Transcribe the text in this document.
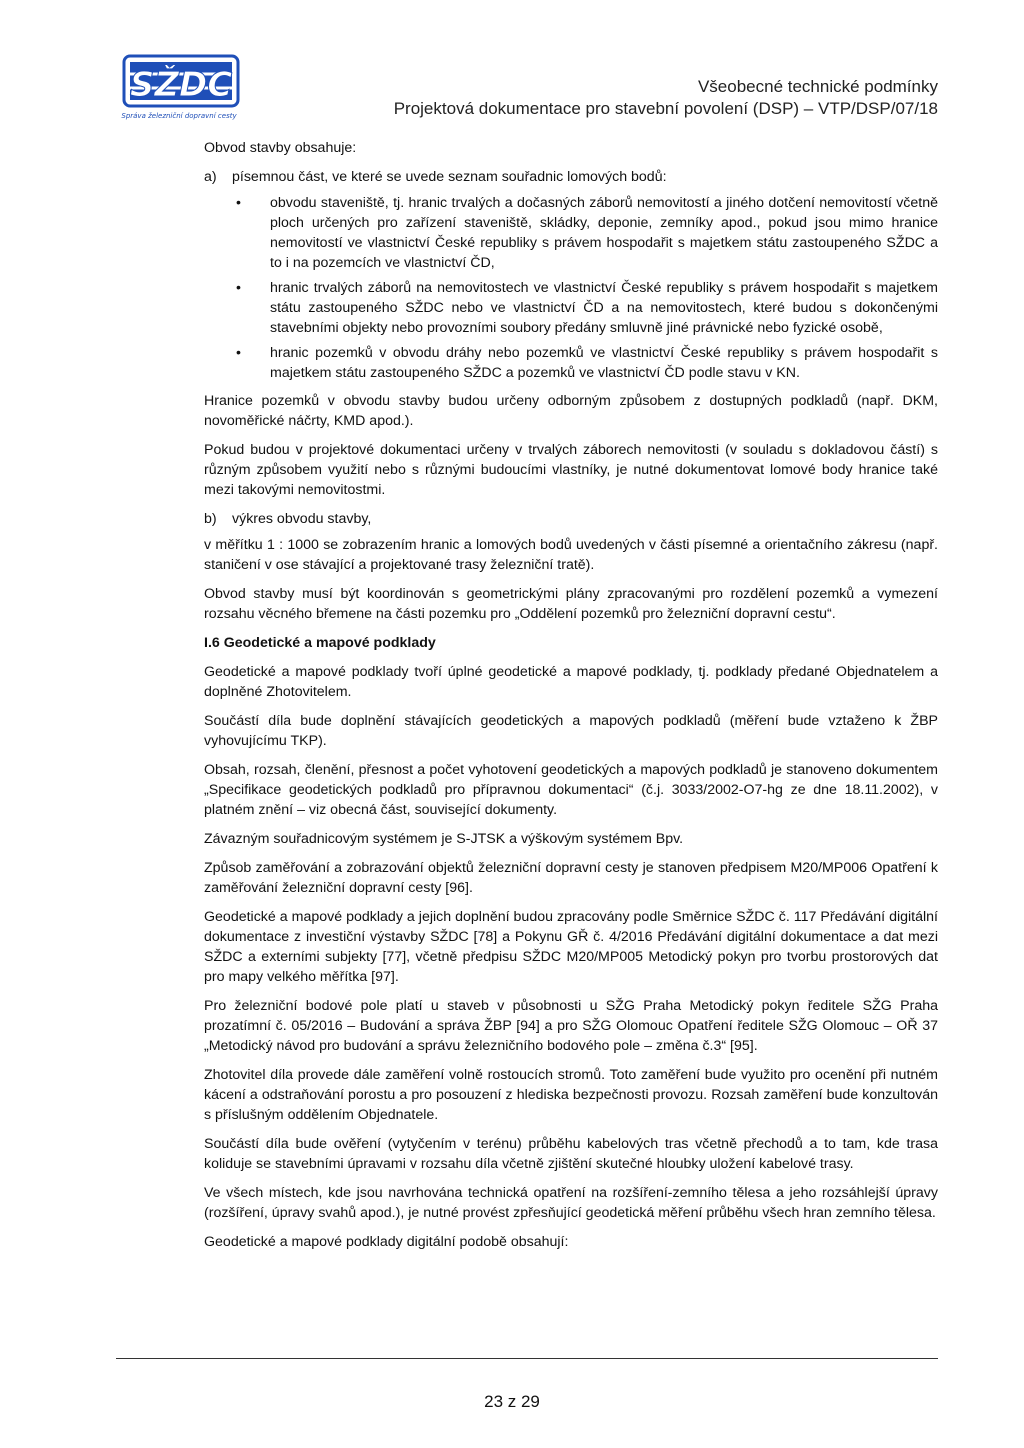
SŽDC
Správa železniční dopravní cesty
Všeobecné technické podmínky
Projektová dokumentace pro stavební povolení (DSP) – VTP/DSP/07/18

Obvod stavby obsahuje:

a)	písemnou část, ve které se uvede seznam souřadnic lomových bodů:
•	obvodu staveniště, tj. hranic trvalých a dočasných záborů nemovitostí a jiného dotčení nemovitostí včetně ploch určených pro zařízení staveniště, skládky, deponie, zemníky apod., pokud jsou mimo hranice nemovitostí ve vlastnictví České republiky s právem hospodařit s majetkem státu zastoupeného SŽDC a to i na pozemcích ve vlastnictví ČD,
•	hranic trvalých záborů na nemovitostech ve vlastnictví České republiky s právem hospodařit s majetkem státu zastoupeného SŽDC nebo ve vlastnictví ČD a na nemovitostech, které budou s dokončenými stavebními objekty nebo provozními soubory předány smluvně jiné právnické nebo fyzické osobě,
•	hranic pozemků v obvodu dráhy nebo pozemků ve vlastnictví České republiky s právem hospodařit s majetkem státu zastoupeného SŽDC a pozemků ve vlastnictví ČD podle stavu v KN.

Hranice pozemků v obvodu stavby budou určeny odborným způsobem z dostupných podkladů (např. DKM, novoměřické náčrty, KMD apod.).

Pokud budou v projektové dokumentaci určeny v trvalých záborech nemovitosti (v souladu s dokladovou částí) s různým způsobem využití nebo s různými budoucími vlastníky, je nutné dokumentovat lomové body hranice také mezi takovými nemovitostmi.

b)	výkres obvodu stavby,

v měřítku 1 : 1000 se zobrazením hranic a lomových bodů uvedených v části písemné a orientačního zákresu (např. staničení v ose stávající a projektované trasy železniční tratě).

Obvod stavby musí být koordinován s geometrickými plány zpracovanými pro rozdělení pozemků a vymezení rozsahu věcného břemene na části pozemku pro „Oddělení pozemků pro železniční dopravní cestu“.

I.6 Geodetické a mapové podklady

Geodetické a mapové podklady tvoří úplné geodetické a mapové podklady, tj. podklady předané Objednatelem a doplněné Zhotovitelem.

Součástí díla bude doplnění stávajících geodetických a mapových podkladů (měření bude vztaženo k ŽBP vyhovujícímu TKP).

Obsah, rozsah, členění, přesnost a počet vyhotovení geodetických a mapových podkladů je stanoveno dokumentem „Specifikace geodetických podkladů pro přípravnou dokumentaci“ (č.j. 3033/2002-O7-hg ze dne 18.11.2002), v platném znění – viz obecná část, související dokumenty.

Závazným souřadnicovým systémem je S-JTSK a výškovým systémem Bpv.

Způsob zaměřování a zobrazování objektů železniční dopravní cesty je stanoven předpisem M20/MP006 Opatření k zaměřování železniční dopravní cesty [96].

Geodetické a mapové podklady a jejich doplnění budou zpracovány podle Směrnice SŽDC č. 117 Předávání digitální dokumentace z investiční výstavby SŽDC [78] a Pokynu GŘ č. 4/2016 Předávání digitální dokumentace a dat mezi SŽDC a externími subjekty [77], včetně předpisu SŽDC M20/MP005 Metodický pokyn pro tvorbu prostorových dat pro mapy velkého měřítka [97].

Pro železniční bodové pole platí u staveb v působnosti u SŽG Praha Metodický pokyn ředitele SŽG Praha prozatímní č. 05/2016 – Budování a správa ŽBP [94] a pro SŽG Olomouc Opatření ředitele SŽG Olomouc – OŘ 37 „Metodický návod pro budování a správu železničního bodového pole – změna č.3“ [95].

Zhotovitel díla provede dále zaměření volně rostoucích stromů. Toto zaměření bude využito pro ocenění při nutném kácení a odstraňování porostu a pro posouzení z hlediska bezpečnosti provozu. Rozsah zaměření bude konzultován s příslušným oddělením Objednatele.

Součástí díla bude ověření (vytyčením v terénu) průběhu kabelových tras včetně přechodů a to tam, kde trasa koliduje se stavebními úpravami v rozsahu díla včetně zjištění skutečné hloubky uložení kabelové trasy.

Ve všech místech, kde jsou navrhována technická opatření na rozšíření-zemního tělesa a jeho rozsáhlejší úpravy (rozšíření, úpravy svahů apod.), je nutné provést zpřesňující geodetická měření průběhu všech hran zemního tělesa.

Geodetické a mapové podklady digitální podobě obsahují:

23 z 29
